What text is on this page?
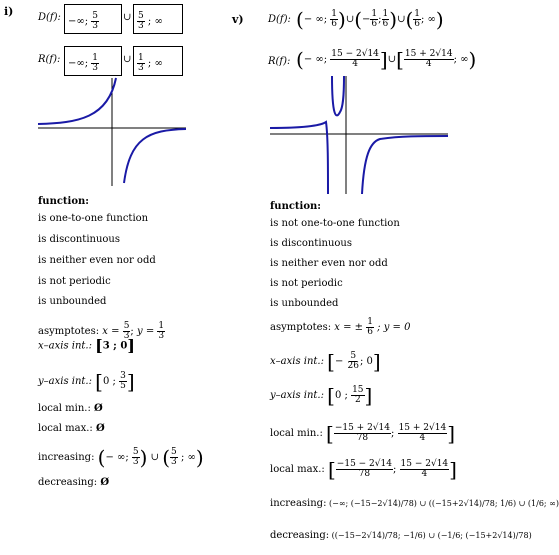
i) D(f): −∞; $\frac{5}{3}$ ∪ $\frac{5}{3}$ ; ∞
R(f): −∞; $\frac{1}{3}$ ∪ $\frac{1}{3}$ ; ∞
function:
is one-to-one function
is discontinuous
is neither even nor odd
is not periodic
is unbounded
asymptotes: $x = \frac{5}{3}$ ; $y = \frac{1}{3}$
x–axis int.: [3 ; 0]
y–axis int.: [0 ; $\frac{3}{5}$ ]
local min.: Ø
local max.: Ø
increasing: (− ∞; $\frac{5}{3}$ ) ∪ ( $\frac{5}{3}$ ; ∞)
decreasing: Ø
v) D(f): (− ∞; $\frac{1}{6}$ )∪(− $\frac{1}{6}$ ; $\frac{1}{6}$ )∪( $\frac{1}{6}$ ; ∞)
R(f): (− ∞; $\frac{15 - 2√14}{4}$ ]∪[ $\frac{15 + 2√14}{4}$ ; ∞)
function:
is not one-to-one function
is discontinuous
is neither even nor odd
is not periodic
is unbounded
asymptotes: x = ± $\frac{1}{6}$ ; y = 0
x–axis int.: [− $\frac{5}{26}$ ; 0]
y–axis int.: [0 ; $\frac{15}{2}$ ]
local min.: [ $\frac{-15 + 2√14}{78}$ ; $\frac{15 + 2√14}{4}$ ]
local max.: [ $\frac{-15 - 2√14}{78}$ ; $\frac{15 - 2√14}{4}$ ]
increasing: (−∞; (−15−2√14)/78) ∪ ((−15+2√14)/78; 1/6) ∪ (1/6; ∞)
decreasing: ((−15−2√14)/78; −1/6) ∪ (−1/6; (−15+2√14)/78)
